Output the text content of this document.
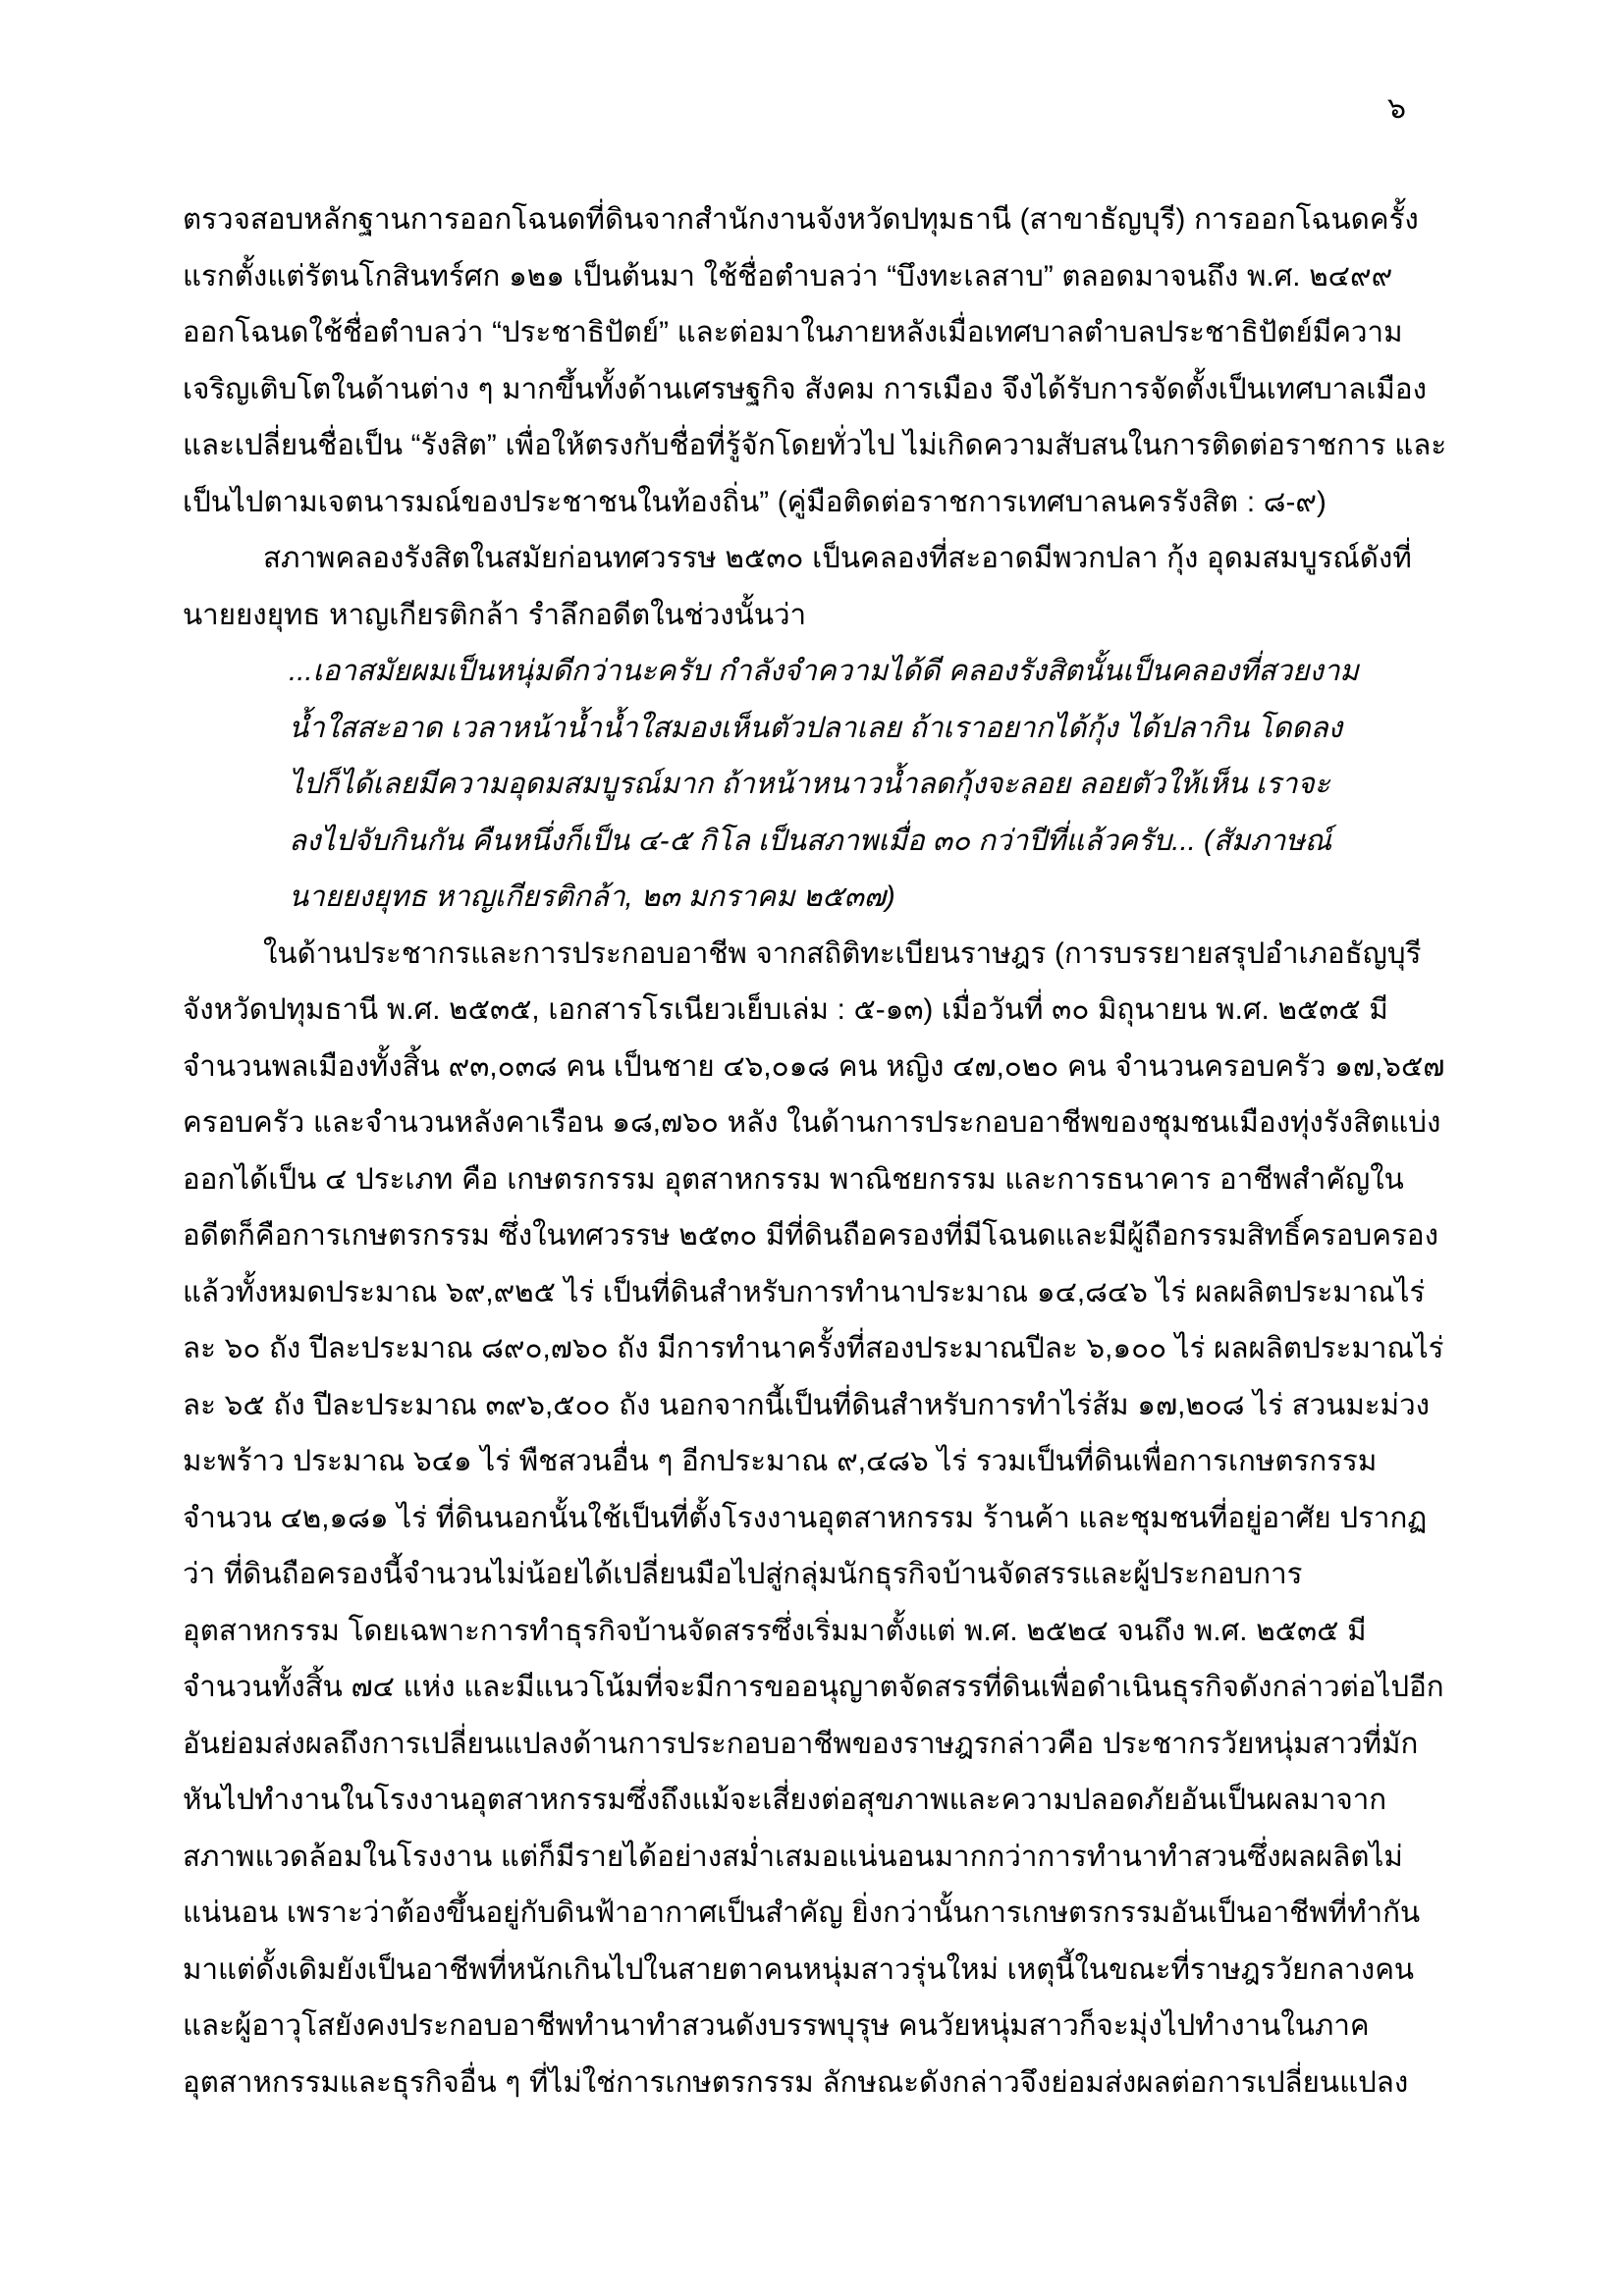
๖

ตรวจสอบหลักฐานการออกโฉนดที่ดินจากสำนักงานจังหวัดปทุมธานี (สาขาธัญบุรี) การออกโฉนดครั้งแรกตั้งแต่รัตนโกสินทร์ศก ๑๒๑ เป็นต้นมา ใช้ชื่อตำบลว่า “บึงทะเลสาบ” ตลอดมาจนถึง พ.ศ. ๒๔๙๙ ออกโฉนดใช้ชื่อตำบลว่า “ประชาธิปัตย์” และต่อมาในภายหลังเมื่อเทศบาลตำบลประชาธิปัตย์มีความเจริญเติบโตในด้านต่าง ๆ มากขึ้นทั้งด้านเศรษฐกิจ สังคม การเมือง จึงได้รับการจัดตั้งเป็นเทศบาลเมืองและเปลี่ยนชื่อเป็น “รังสิต” เพื่อให้ตรงกับชื่อที่รู้จักโดยทั่วไป ไม่เกิดความสับสนในการติดต่อราชการ และเป็นไปตามเจตนารมณ์ของประชาชนในท้องถิ่น” (คู่มือติดต่อราชการเทศบาลนครรังสิต : ๘-๙)

สภาพคลองรังสิตในสมัยก่อนทศวรรษ ๒๕๓๐ เป็นคลองที่สะอาดมีพวกปลา กุ้ง อุดมสมบูรณ์ดังที่นายยงยุทธ หาญเกียรติกล้า รำลึกอดีตในช่วงนั้นว่า

...เอาสมัยผมเป็นหนุ่มดีกว่านะครับ กำลังจำความได้ดี คลองรังสิตนั้นเป็นคลองที่สวยงาม น้ำใสสะอาด เวลาหน้าน้ำน้ำใสมองเห็นตัวปลาเลย ถ้าเราอยากได้กุ้ง ได้ปลากิน โดดลงไปก็ได้เลยมีความอุดมสมบูรณ์มาก ถ้าหน้าหนาวน้ำลดกุ้งจะลอย ลอยตัวให้เห็น เราจะลงไปจับกินกัน คืนหนึ่งก็เป็น ๔-๕ กิโล เป็นสภาพเมื่อ ๓๐ กว่าปีที่แล้วครับ... (สัมภาษณ์ นายยงยุทธ หาญเกียรติกล้า, ๒๓ มกราคม ๒๕๓๗)

ในด้านประชากรและการประกอบอาชีพ จากสถิติทะเบียนราษฎร (การบรรยายสรุปอำเภอธัญบุรี จังหวัดปทุมธานี พ.ศ. ๒๕๓๕, เอกสารโรเนียวเย็บเล่ม : ๕-๑๓) เมื่อวันที่ ๓๐ มิถุนายน พ.ศ. ๒๕๓๕ มีจำนวนพลเมืองทั้งสิ้น ๙๓,๐๓๘ คน เป็นชาย ๔๖,๐๑๘ คน หญิง ๔๗,๐๒๐ คน จำนวนครอบครัว ๑๗,๖๕๗ ครอบครัว และจำนวนหลังคาเรือน ๑๘,๗๖๐ หลัง ในด้านการประกอบอาชีพของชุมชนเมืองทุ่งรังสิตแบ่งออกได้เป็น ๔ ประเภท คือ เกษตรกรรม อุตสาหกรรม พาณิชยกรรม และการธนาคาร อาชีพสำคัญในอดีตก็คือการเกษตรกรรม ซึ่งในทศวรรษ ๒๕๓๐ มีที่ดินถือครองที่มีโฉนดและมีผู้ถือกรรมสิทธิ์ครอบครองแล้วทั้งหมดประมาณ ๖๙,๙๒๕ ไร่ เป็นที่ดินสำหรับการทำนาประมาณ ๑๔,๘๔๖ ไร่ ผลผลิตประมาณไร่ละ ๖๐ ถัง ปีละประมาณ ๘๙๐,๗๖๐ ถัง มีการทำนาครั้งที่สองประมาณปีละ ๖,๑๐๐ ไร่ ผลผลิตประมาณไร่ละ ๖๕ ถัง ปีละประมาณ ๓๙๖,๕๐๐ ถัง นอกจากนี้เป็นที่ดินสำหรับการทำไร่ส้ม ๑๗,๒๐๘ ไร่ สวนมะม่วง มะพร้าว ประมาณ ๖๔๑ ไร่ พืชสวนอื่น ๆ อีกประมาณ ๙,๔๘๖ ไร่ รวมเป็นที่ดินเพื่อการเกษตรกรรมจำนวน ๔๒,๑๘๑ ไร่ ที่ดินนอกนั้นใช้เป็นที่ตั้งโรงงานอุตสาหกรรม ร้านค้า และชุมชนที่อยู่อาศัย ปรากฏว่า ที่ดินถือครองนี้จำนวนไม่น้อยได้เปลี่ยนมือไปสู่กลุ่มนักธุรกิจบ้านจัดสรรและผู้ประกอบการอุตสาหกรรม โดยเฉพาะการทำธุรกิจบ้านจัดสรรซึ่งเริ่มมาตั้งแต่ พ.ศ. ๒๕๒๔ จนถึง พ.ศ. ๒๕๓๕ มีจำนวนทั้งสิ้น ๗๔ แห่ง และมีแนวโน้มที่จะมีการขออนุญาตจัดสรรที่ดินเพื่อดำเนินธุรกิจดังกล่าวต่อไปอีก อันย่อมส่งผลถึงการเปลี่ยนแปลงด้านการประกอบอาชีพของราษฎรกล่าวคือ ประชากรวัยหนุ่มสาวที่มักหันไปทำงานในโรงงานอุตสาหกรรมซึ่งถึงแม้จะเสี่ยงต่อสุขภาพและความปลอดภัยอันเป็นผลมาจากสภาพแวดล้อมในโรงงาน แต่ก็มีรายได้อย่างสม่ำเสมอแน่นอนมากกว่าการทำนาทำสวนซึ่งผลผลิตไม่แน่นอน เพราะว่าต้องขึ้นอยู่กับดินฟ้าอากาศเป็นสำคัญ ยิ่งกว่านั้นการเกษตรกรรมอันเป็นอาชีพที่ทำกันมาแต่ดั้งเดิมยังเป็นอาชีพที่หนักเกินไปในสายตาคนหนุ่มสาวรุ่นใหม่ เหตุนี้ในขณะที่ราษฎรวัยกลางคนและผู้อาวุโสยังคงประกอบอาชีพทำนาทำสวนดังบรรพบุรุษ คนวัยหนุ่มสาวก็จะมุ่งไปทำงานในภาคอุตสาหกรรมและธุรกิจอื่น ๆ ที่ไม่ใช่การเกษตรกรรม ลักษณะดังกล่าวจึงย่อมส่งผลต่อการเปลี่ยนแปลง
